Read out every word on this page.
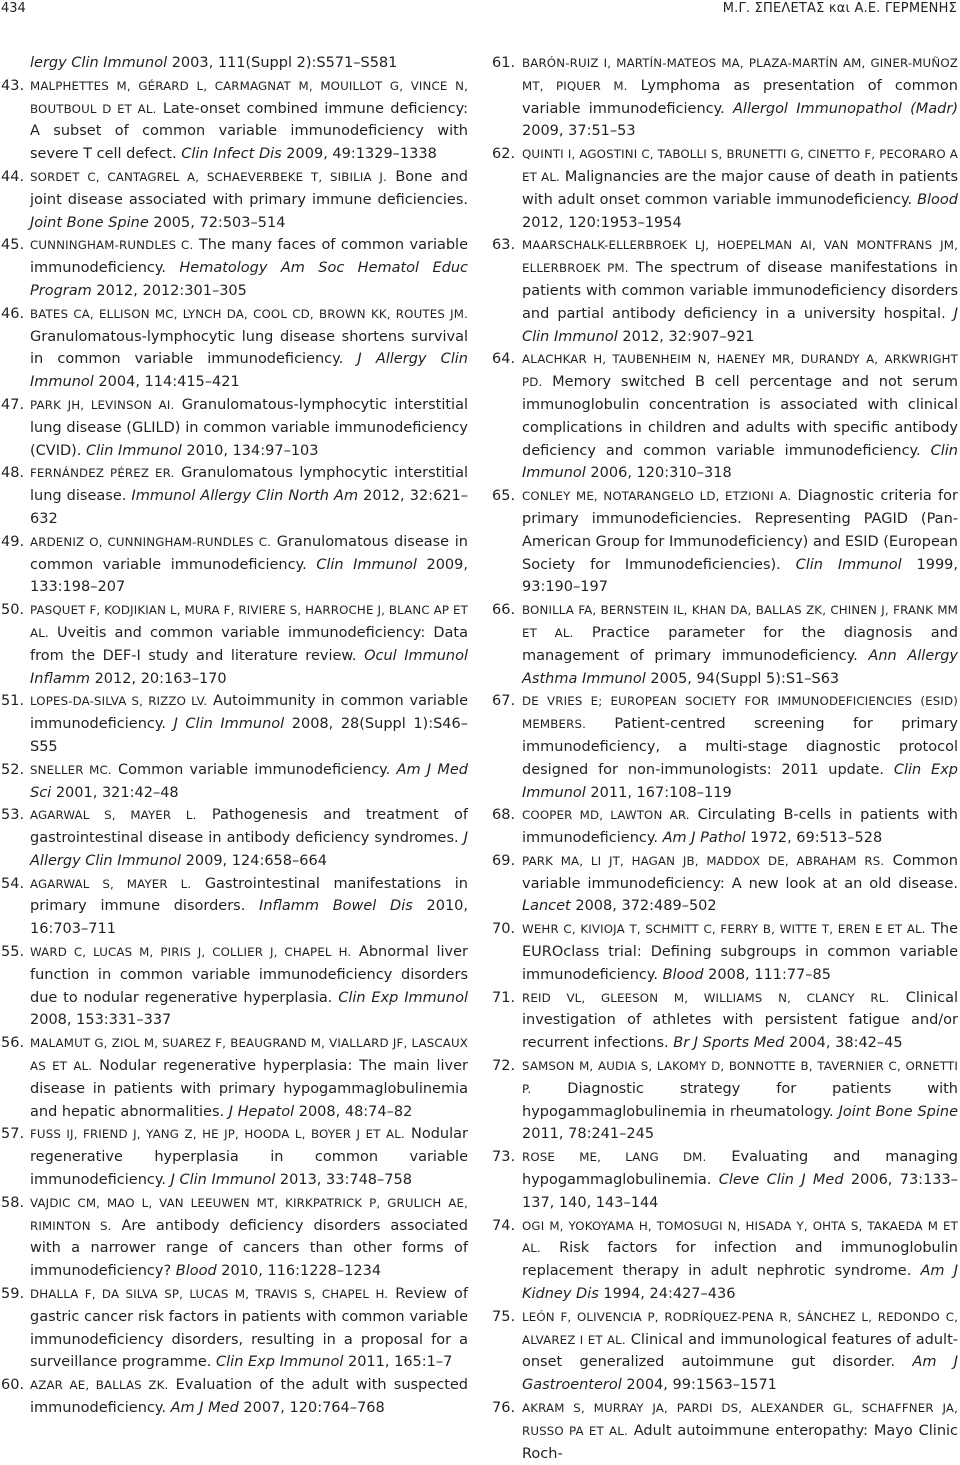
434	Μ.Γ. ΣΠΕΛΕΤΑΣ και Α.Ε. ΓΕΡΜΕΝΗΣ

lergy Clin Immunol 2003, 111(Suppl 2):S571–S581

43. MALPHETTES M, GÉRARD L, CARMAGNAT M, MOUILLOT G, VINCE N, BOUTBOUL D ET AL. Late-onset combined immune deficiency: A subset of common variable immunodeficiency with severe T cell defect. Clin Infect Dis 2009, 49:1329–1338

44. SORDET C, CANTAGREL A, SCHAEVERBEKE T, SIBILIA J. Bone and joint disease associated with primary immune deficiencies. Joint Bone Spine 2005, 72:503–514

45. CUNNINGHAM-RUNDLES C. The many faces of common variable immunodeficiency. Hematology Am Soc Hematol Educ Program 2012, 2012:301–305

46. BATES CA, ELLISON MC, LYNCH DA, COOL CD, BROWN KK, ROUTES JM. Granulomatous-lymphocytic lung disease shortens survival in common variable immunodeficiency. J Allergy Clin Immunol 2004, 114:415–421

47. PARK JH, LEVINSON AI. Granulomatous-lymphocytic interstitial lung disease (GLILD) in common variable immunodeficiency (CVID). Clin Immunol 2010, 134:97–103

48. FERNÁNDEZ PÉREZ ER. Granulomatous lymphocytic interstitial lung disease. Immunol Allergy Clin North Am 2012, 32:621–632

49. ARDENIZ O, CUNNINGHAM-RUNDLES C. Granulomatous disease in common variable immunodeficiency. Clin Immunol 2009, 133:198–207

50. PASQUET F, KODJIKIAN L, MURA F, RIVIERE S, HARROCHE J, BLANC AP ET AL. Uveitis and common variable immunodeficiency: Data from the DEF-I study and literature review. Ocul Immunol Inflamm 2012, 20:163–170

51. LOPES-DA-SILVA S, RIZZO LV. Autoimmunity in common variable immunodeficiency. J Clin Immunol 2008, 28(Suppl 1):S46–S55

52. SNELLER MC. Common variable immunodeficiency. Am J Med Sci 2001, 321:42–48

53. AGARWAL S, MAYER L. Pathogenesis and treatment of gastrointestinal disease in antibody deficiency syndromes. J Allergy Clin Immunol 2009, 124:658–664

54. AGARWAL S, MAYER L. Gastrointestinal manifestations in primary immune disorders. Inflamm Bowel Dis 2010, 16:703–711

55. WARD C, LUCAS M, PIRIS J, COLLIER J, CHAPEL H. Abnormal liver function in common variable immunodeficiency disorders due to nodular regenerative hyperplasia. Clin Exp Immunol 2008, 153:331–337

56. MALAMUT G, ZIOL M, SUAREZ F, BEAUGRAND M, VIALLARD JF, LASCAUX AS ET AL. Nodular regenerative hyperplasia: The main liver disease in patients with primary hypogammaglobulinemia and hepatic abnormalities. J Hepatol 2008, 48:74–82

57. FUSS IJ, FRIEND J, YANG Z, HE JP, HOODA L, BOYER J ET AL. Nodular regenerative hyperplasia in common variable immunodeficiency. J Clin Immunol 2013, 33:748–758

58. VAJDIC CM, MAO L, VAN LEEUWEN MT, KIRKPATRICK P, GRULICH AE, RIMINTON S. Are antibody deficiency disorders associated with a narrower range of cancers than other forms of immunodeficiency? Blood 2010, 116:1228–1234

59. DHALLA F, DA SILVA SP, LUCAS M, TRAVIS S, CHAPEL H. Review of gastric cancer risk factors in patients with common variable immunodeficiency disorders, resulting in a proposal for a surveillance programme. Clin Exp Immunol 2011, 165:1–7

60. AZAR AE, BALLAS ZK. Evaluation of the adult with suspected immunodeficiency. Am J Med 2007, 120:764–768

61. BARÓN-RUIZ I, MARTÍN-MATEOS MA, PLAZA-MARTÍN AM, GINER-MUÑOZ MT, PIQUER M. Lymphoma as presentation of common variable immunodeficiency. Allergol Immunopathol (Madr) 2009, 37:51–53

62. QUINTI I, AGOSTINI C, TABOLLI S, BRUNETTI G, CINETTO F, PECORARO A ET AL. Malignancies are the major cause of death in patients with adult onset common variable immunodeficiency. Blood 2012, 120:1953–1954

63. MAARSCHALK-ELLERBROEK LJ, HOEPELMAN AI, VAN MONTFRANS JM, ELLERBROEK PM. The spectrum of disease manifestations in patients with common variable immunodeficiency disorders and partial antibody deficiency in a university hospital. J Clin Immunol 2012, 32:907–921

64. ALACHKAR H, TAUBENHEIM N, HAENEY MR, DURANDY A, ARKWRIGHT PD. Memory switched B cell percentage and not serum immunoglobulin concentration is associated with clinical complications in children and adults with specific antibody deficiency and common variable immunodeficiency. Clin Immunol 2006, 120:310–318

65. CONLEY ME, NOTARANGELO LD, ETZIONI A. Diagnostic criteria for primary immunodeficiencies. Representing PAGID (Pan-American Group for Immunodeficiency) and ESID (European Society for Immunodeficiencies). Clin Immunol 1999, 93:190–197

66. BONILLA FA, BERNSTEIN IL, KHAN DA, BALLAS ZK, CHINEN J, FRANK MM ET AL. Practice parameter for the diagnosis and management of primary immunodeficiency. Ann Allergy Asthma Immunol 2005, 94(Suppl 5):S1–S63

67. DE VRIES E; EUROPEAN SOCIETY FOR IMMUNODEFICIENCIES (ESID) MEMBERS. Patient-centred screening for primary immunodeficiency, a multi-stage diagnostic protocol designed for non-immunologists: 2011 update. Clin Exp Immunol 2011, 167:108–119

68. COOPER MD, LAWTON AR. Circulating B-cells in patients with immunodeficiency. Am J Pathol 1972, 69:513–528

69. PARK MA, LI JT, HAGAN JB, MADDOX DE, ABRAHAM RS. Common variable immunodeficiency: A new look at an old disease. Lancet 2008, 372:489–502

70. WEHR C, KIVIOJA T, SCHMITT C, FERRY B, WITTE T, EREN E ET AL. The EUROclass trial: Defining subgroups in common variable immunodeficiency. Blood 2008, 111:77–85

71. REID VL, GLEESON M, WILLIAMS N, CLANCY RL. Clinical investigation of athletes with persistent fatigue and/or recurrent infections. Br J Sports Med 2004, 38:42–45

72. SAMSON M, AUDIA S, LAKOMY D, BONNOTTE B, TAVERNIER C, ORNETTI P. Diagnostic strategy for patients with hypogammaglobulinemia in rheumatology. Joint Bone Spine 2011, 78:241–245

73. ROSE ME, LANG DM. Evaluating and managing hypogammaglobulinemia. Cleve Clin J Med 2006, 73:133–137, 140, 143–144

74. OGI M, YOKOYAMA H, TOMOSUGI N, HISADA Y, OHTA S, TAKAEDA M ET AL. Risk factors for infection and immunoglobulin replacement therapy in adult nephrotic syndrome. Am J Kidney Dis 1994, 24:427–436

75. LEÓN F, OLIVENCIA P, RODRÍQUEZ-PENA R, SÁNCHEZ L, REDONDO C, ALVAREZ I ET AL. Clinical and immunological features of adult-onset generalized autoimmune gut disorder. Am J Gastroenterol 2004, 99:1563–1571

76. AKRAM S, MURRAY JA, PARDI DS, ALEXANDER GL, SCHAFFNER JA, RUSSO PA ET AL. Adult autoimmune enteropathy: Mayo Clinic Roch-
